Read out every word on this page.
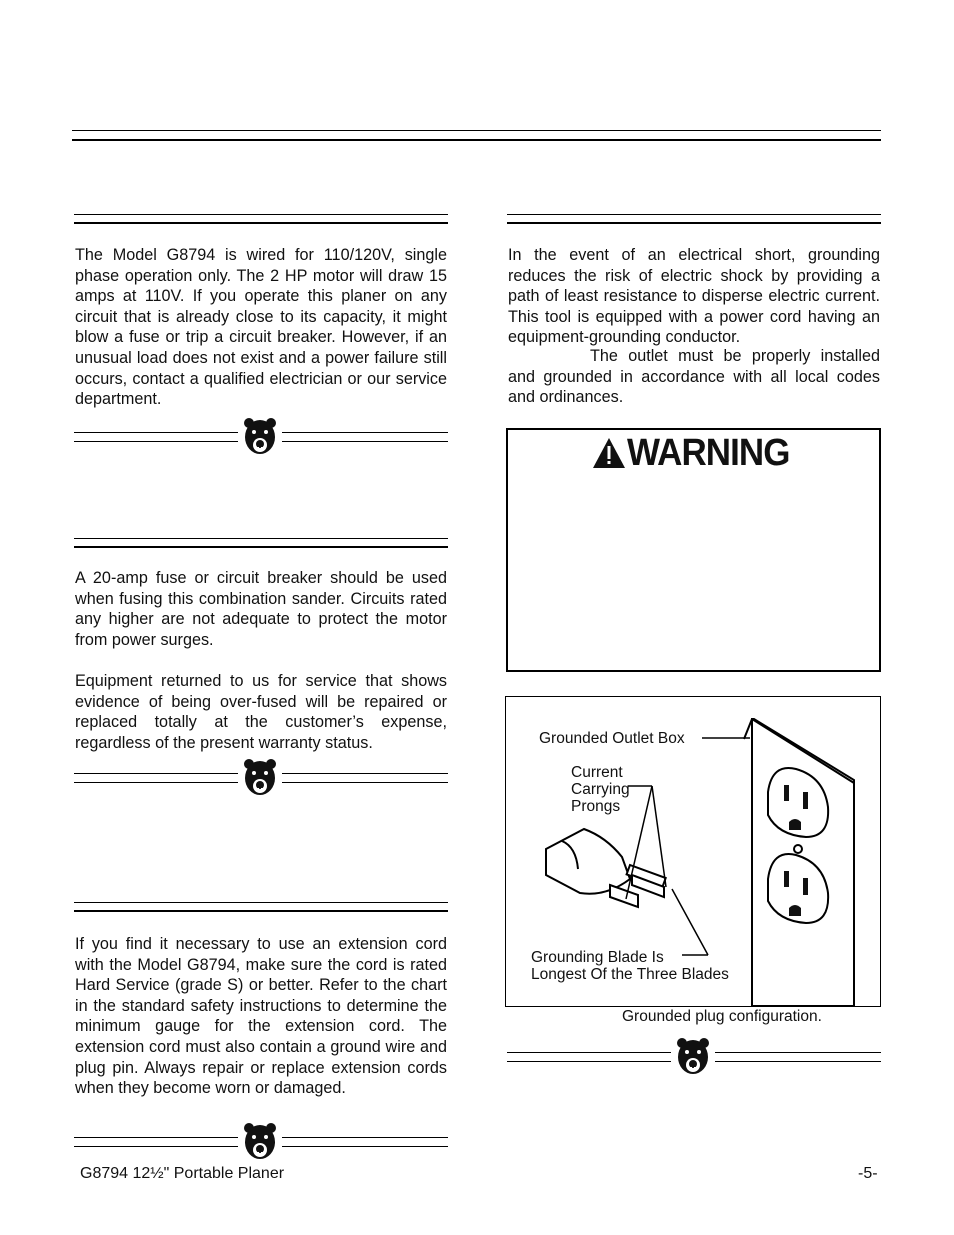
The Model G8794 is wired for 110/120V, single phase operation only. The 2 HP motor will draw 15 amps at 110V. If you operate this planer on any circuit that is already close to its capacity, it might blow a fuse or trip a circuit breaker. However, if an unusual load does not exist and a power failure still occurs, contact a qualified electrician or our service department.

A 20-amp fuse or circuit breaker should be used when fusing this combination sander. Circuits rated any higher are not adequate to protect the motor from power surges.

Equipment returned to us for service that shows evidence of being over-fused will be repaired or replaced totally at the customer’s expense, regardless of the present warranty status.

If you find it necessary to use an extension cord with the Model G8794, make sure the cord is rated Hard Service (grade S) or better. Refer to the chart in the standard safety instructions to determine the minimum gauge for the extension cord. The extension cord must also contain a ground wire and plug pin. Always repair or replace extension cords when they become worn or damaged.

In the event of an electrical short, grounding reduces the risk of electric shock by providing a path of least resistance to disperse electric current. This tool is equipped with a power cord having an equipment-grounding conductor.

The outlet must be properly installed and grounded in accordance with all local codes and ordinances.

WARNING
Grounded Outlet Box
Current
Carrying
Prongs
Grounding Blade Is
Longest Of the Three Blades
Grounded plug configuration.
G8794 12½" Portable Planer	-5-
